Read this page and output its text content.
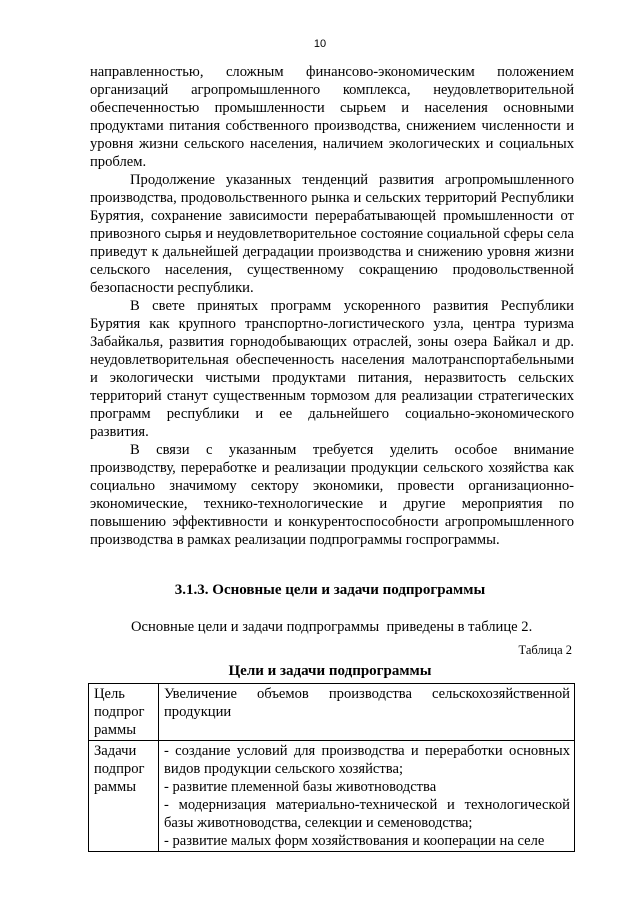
10

направленностью, сложным финансово-экономическим положением организаций агропромышленного комплекса, неудовлетворительной обеспеченностью промышленности сырьем и населения основными продуктами питания собственного производства, снижением численности и уровня жизни сельского населения, наличием экологических и социальных проблем.

Продолжение указанных тенденций развития агропромышленного производства, продовольственного рынка и сельских территорий Республики Бурятия, сохранение зависимости перерабатывающей промышленности от привозного сырья и неудовлетворительное состояние социальной сферы села приведут к дальнейшей деградации производства и снижению уровня жизни сельского населения, существенному сокращению продовольственной безопасности республики.

В свете принятых программ ускоренного развития Республики Бурятия как крупного транспортно-логистического узла, центра туризма Забайкалья, развития горнодобывающих отраслей, зоны озера Байкал и др. неудовлетворительная обеспеченность населения малотранспортабельными и экологически чистыми продуктами питания, неразвитость сельских территорий станут существенным тормозом для реализации стратегических программ республики и ее дальнейшего социально-экономического развития.

В связи с указанным требуется уделить особое внимание производству, переработке и реализации продукции сельского хозяйства как социально значимому сектору экономики, провести организационно-экономические, технико-технологические и другие мероприятия по повышению эффективности и конкурентоспособности агропромышленного производства в рамках реализации подпрограммы госпрограммы.

3.1.3. Основные цели и задачи подпрограммы
Основные цели и задачи подпрограммы  приведены в таблице 2.
Таблица 2
Цели и задачи подпрограммы
Цель подпрог раммы	Увеличение объемов производства сельскохозяйственной продукции
Задачи подпрог раммы	- создание условий для производства и переработки основных видов продукции сельского хозяйства;
- развитие племенной базы животноводства
- модернизация материально-технической и технологической базы животноводства, селекции и семеноводства;
- развитие малых форм хозяйствования и кооперации на селе
